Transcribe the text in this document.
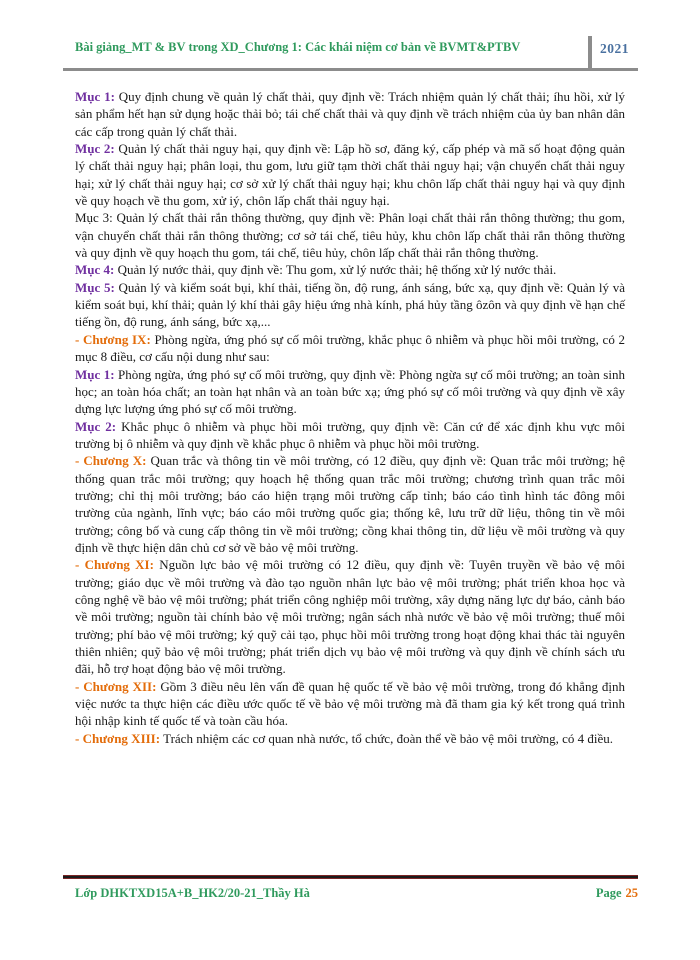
Bài giảng_MT & BV trong XD_Chương 1: Các khái niệm cơ bản về BVMT&PTBV	2021

Mục 1: Quy định chung về quản lý chất thải, quy định về: Trách nhiệm quản lý chất thải; íhu hồi, xử lý sản phẩm hết hạn sử dụng hoặc thải bỏ; tái chế chất thải và quy định về trách nhiệm của ủy ban nhân dân các cấp trong quản lý chất thải.

Mục 2: Quản lý chất thải nguy hại, quy định về: Lập hồ sơ, đăng ký, cấp phép và mã số hoạt động quản lý chất thải nguy hại; phân loại, thu gom, lưu giữ tạm thời chất thải nguy hại; vận chuyển chất thải nguy hại; xử lý chất thải nguy hại; cơ sở xử lý chất thải nguy hại; khu chôn lấp chất thải nguy hại và quy định về quy hoạch về thu gom, xử iý, chôn lấp chất thải nguy hại.

Mục 3: Quản lý chất thải rắn thông thường, quy định về: Phân loại chất thải rắn thông thường; thu gom, vận chuyển chất thải rắn thông thường; cơ sở tái chế, tiêu hủy, khu chôn lấp chất thải rắn thông thường và quy định về quy hoạch thu gom, tái chế, tiêu hủy, chôn lấp chất thải rắn thông thường.

Mục 4: Quản lý nước thải, quy định về: Thu gom, xử lý nước thải; hệ thống xử lý nước thải.

Mục 5: Quản lý và kiểm soát bụi, khí thải, tiếng ồn, độ rung, ánh sáng, bức xạ, quy định về: Quản lý và kiểm soát bụi, khí thải; quản lý khí thải gây hiệu ứng nhà kính, phá hủy tầng ôzôn và quy định về hạn chế tiếng ồn, độ rung, ánh sáng, bức xạ,...

- Chương IX: Phòng ngừa, ứng phó sự cố môi trường, khắc phục ô nhiễm và phục hồi môi trường, có 2 mục 8 điều, cơ cấu nội dung như sau:

Mục 1: Phòng ngừa, ứng phó sự cố môi trường, quy định về: Phòng ngừa sự cố môi trường; an toàn sinh học; an toàn hóa chất; an toàn hạt nhân và an toàn bức xạ; ứng phó sự cố môi trường và quy định về xây dựng lực lượng ứng phó sự cố môi trường.

Mục 2: Khắc phục ô nhiễm và phục hồi môi trường, quy định về: Căn cứ để xác định khu vực môi trường bị ô nhiễm và quy định về khắc phục ô nhiễm và phục hồi môi trường.

- Chương X: Quan trắc và thông tin về môi trường, có 12 điều, quy định về: Quan trắc môi trường; hệ thống quan trắc môi trường; quy hoạch hệ thống quan trắc môi trường; chương trình quan trắc môi trường; chỉ thị môi trường; báo cáo hiện trạng môi trường cấp tỉnh; báo cáo tình hình tác đông môi trường của ngành, lĩnh vực; báo cáo môi trường quốc gia; thống kê, lưu trữ dữ liệu, thông tin về môi trường; công bố và cung cấp thông tin về môi trường; cồng khai thông tin, dữ liệu về môi trường và quy định về thực hiện dân chủ cơ sở về bảo vệ môi trường.

- Chương XI: Nguồn lực bảo vệ môi trường có 12 điều, quy định về: Tuyên truyền về bảo vệ môi trường; giáo dục về môi trường và đào tạo nguồn nhân lực bảo vệ môi trường; phát triển khoa học và công nghệ về bảo vệ môi trường; phát triển công nghiệp môi trường, xây dựng năng lực dự báo, cảnh báo về môi trường; nguồn tài chính bảo vệ môi trường; ngân sách nhà nước về bảo vệ môi trường; thuế môi trường; phí bảo vệ môi trường; ký quỹ cải tạo, phục hồi môi trường trong hoạt động khai thác tài nguyên thiên nhiên; quỹ bảo vệ môi trường; phát triển dịch vụ bảo vệ môi trường và quy định về chính sách ưu đãi, hỗ trợ hoạt động bảo vệ môi trường.

- Chương XII: Gồm 3 điều nêu lên vấn đề quan hệ quốc tế về bảo vệ môi trường, trong đó khẳng định việc nước ta thực hiện các điều ước quốc tế về bảo vệ môi trường mà đã tham gia ký kết trong quá trình hội nhập kinh tế quốc tế và toàn cầu hóa.

- Chương XIII: Trách nhiệm các cơ quan nhà nước, tổ chức, đoàn thể về bảo vệ môi trường, có 4 điều.

Lớp DHKTXD15A+B_HK2/20-21_Thầy Hà	Page 25
